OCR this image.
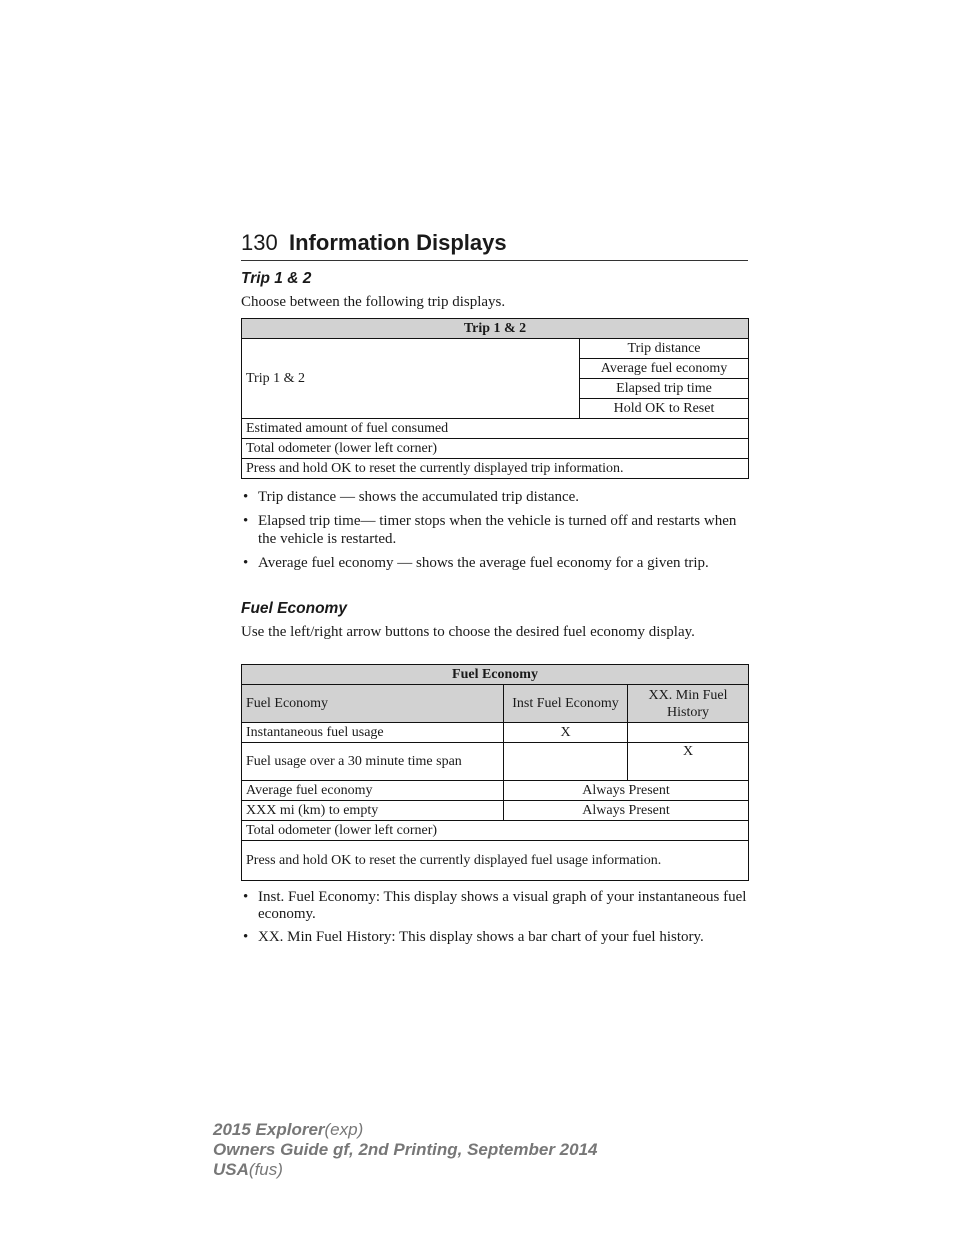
130 Information Displays
Trip 1 & 2
Choose between the following trip displays.
Trip 1 & 2
Trip 1 & 2	Trip distance
Average fuel economy
Elapsed trip time
Hold OK to Reset
Estimated amount of fuel consumed
Total odometer (lower left corner)
Press and hold OK to reset the currently displayed trip information.
• Trip distance — shows the accumulated trip distance.
• Elapsed trip time— timer stops when the vehicle is turned off and restarts when the vehicle is restarted.
• Average fuel economy — shows the average fuel economy for a given trip.
Fuel Economy
Use the left/right arrow buttons to choose the desired fuel economy display.
Fuel Economy		
Fuel Economy	Inst Fuel Economy	XX. Min Fuel History
Instantaneous fuel usage	X	
Fuel usage over a 30 minute time span		X
Average fuel economy	Always Present	
XXX mi (km) to empty	Always Present	
Total odometer (lower left corner)		
Press and hold OK to reset the currently displayed fuel usage information.		
• Inst. Fuel Economy: This display shows a visual graph of your instantaneous fuel economy.
• XX. Min Fuel History: This display shows a bar chart of your fuel history.
2015 Explorer(exp)
Owners Guide gf, 2nd Printing, September 2014
USA(fus)
